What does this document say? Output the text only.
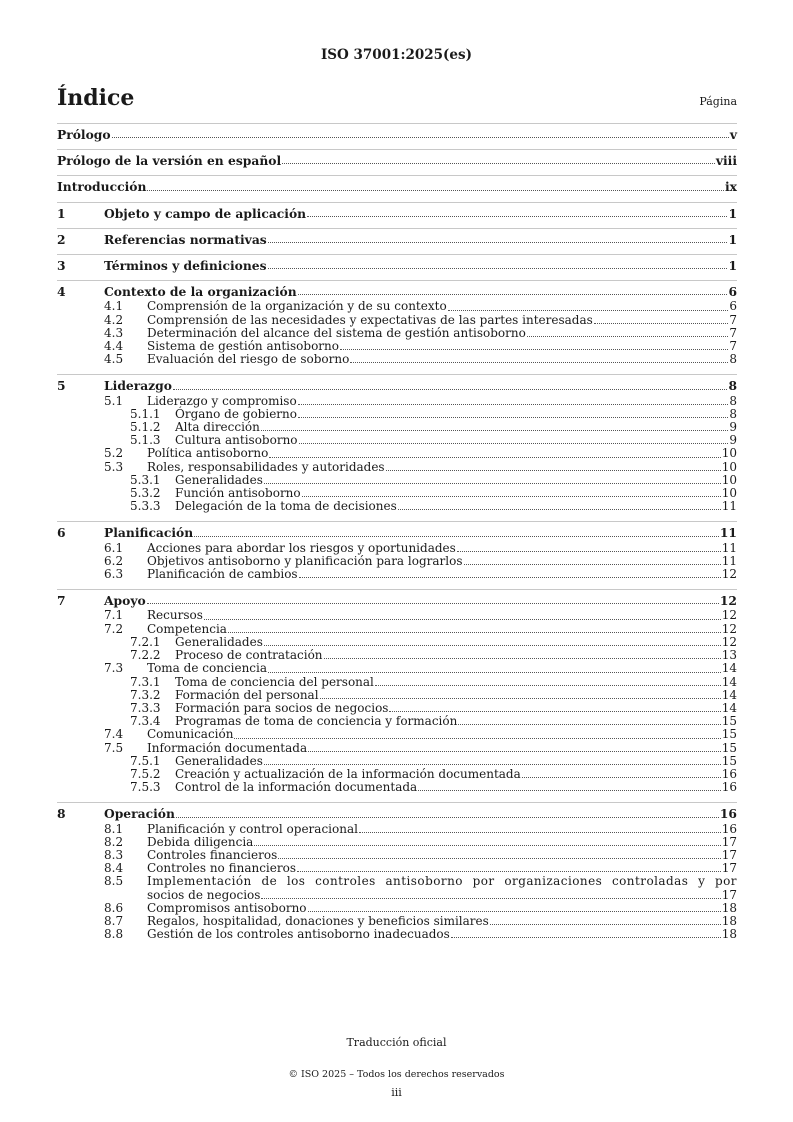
ISO 37001:2025(es)
Índice	Página
Prólogo	v
Prólogo de la versión en español	viii
Introducción	ix
1	Objeto y campo de aplicación	1
2	Referencias normativas	1
3	Términos y definiciones	1
4	Contexto de la organización	6
4.1	Comprensión de la organización y de su contexto	6
4.2	Comprensión de las necesidades y expectativas de las partes interesadas	7
4.3	Determinación del alcance del sistema de gestión antisoborno	7
4.4	Sistema de gestión antisoborno	7
4.5	Evaluación del riesgo de soborno	8
5	Liderazgo	8
5.1	Liderazgo y compromiso	8
5.1.1	Órgano de gobierno	8
5.1.2	Alta dirección	9
5.1.3	Cultura antisoborno	9
5.2	Política antisoborno	10
5.3	Roles, responsabilidades y autoridades	10
5.3.1	Generalidades	10
5.3.2	Función antisoborno	10
5.3.3	Delegación de la toma de decisiones	11
6	Planificación	11
6.1	Acciones para abordar los riesgos y oportunidades	11
6.2	Objetivos antisoborno y planificación para lograrlos	11
6.3	Planificación de cambios	12
7	Apoyo	12
7.1	Recursos	12
7.2	Competencia	12
7.2.1	Generalidades	12
7.2.2	Proceso de contratación	13
7.3	Toma de conciencia	14
7.3.1	Toma de conciencia del personal	14
7.3.2	Formación del personal	14
7.3.3	Formación para socios de negocios	14
7.3.4	Programas de toma de conciencia y formación	15
7.4	Comunicación	15
7.5	Información documentada	15
7.5.1	Generalidades	15
7.5.2	Creación y actualización de la información documentada	16
7.5.3	Control de la información documentada	16
8	Operación	16
8.1	Planificación y control operacional	16
8.2	Debida diligencia	17
8.3	Controles financieros	17
8.4	Controles no financieros	17
8.5	Implementación de los controles antisoborno por organizaciones controladas y por
socios de negocios	17
8.6	Compromisos antisoborno	18
8.7	Regalos, hospitalidad, donaciones y beneficios similares	18
8.8	Gestión de los controles antisoborno inadecuados	18
Traducción oficial
© ISO 2025 – Todos los derechos reservados
iii
